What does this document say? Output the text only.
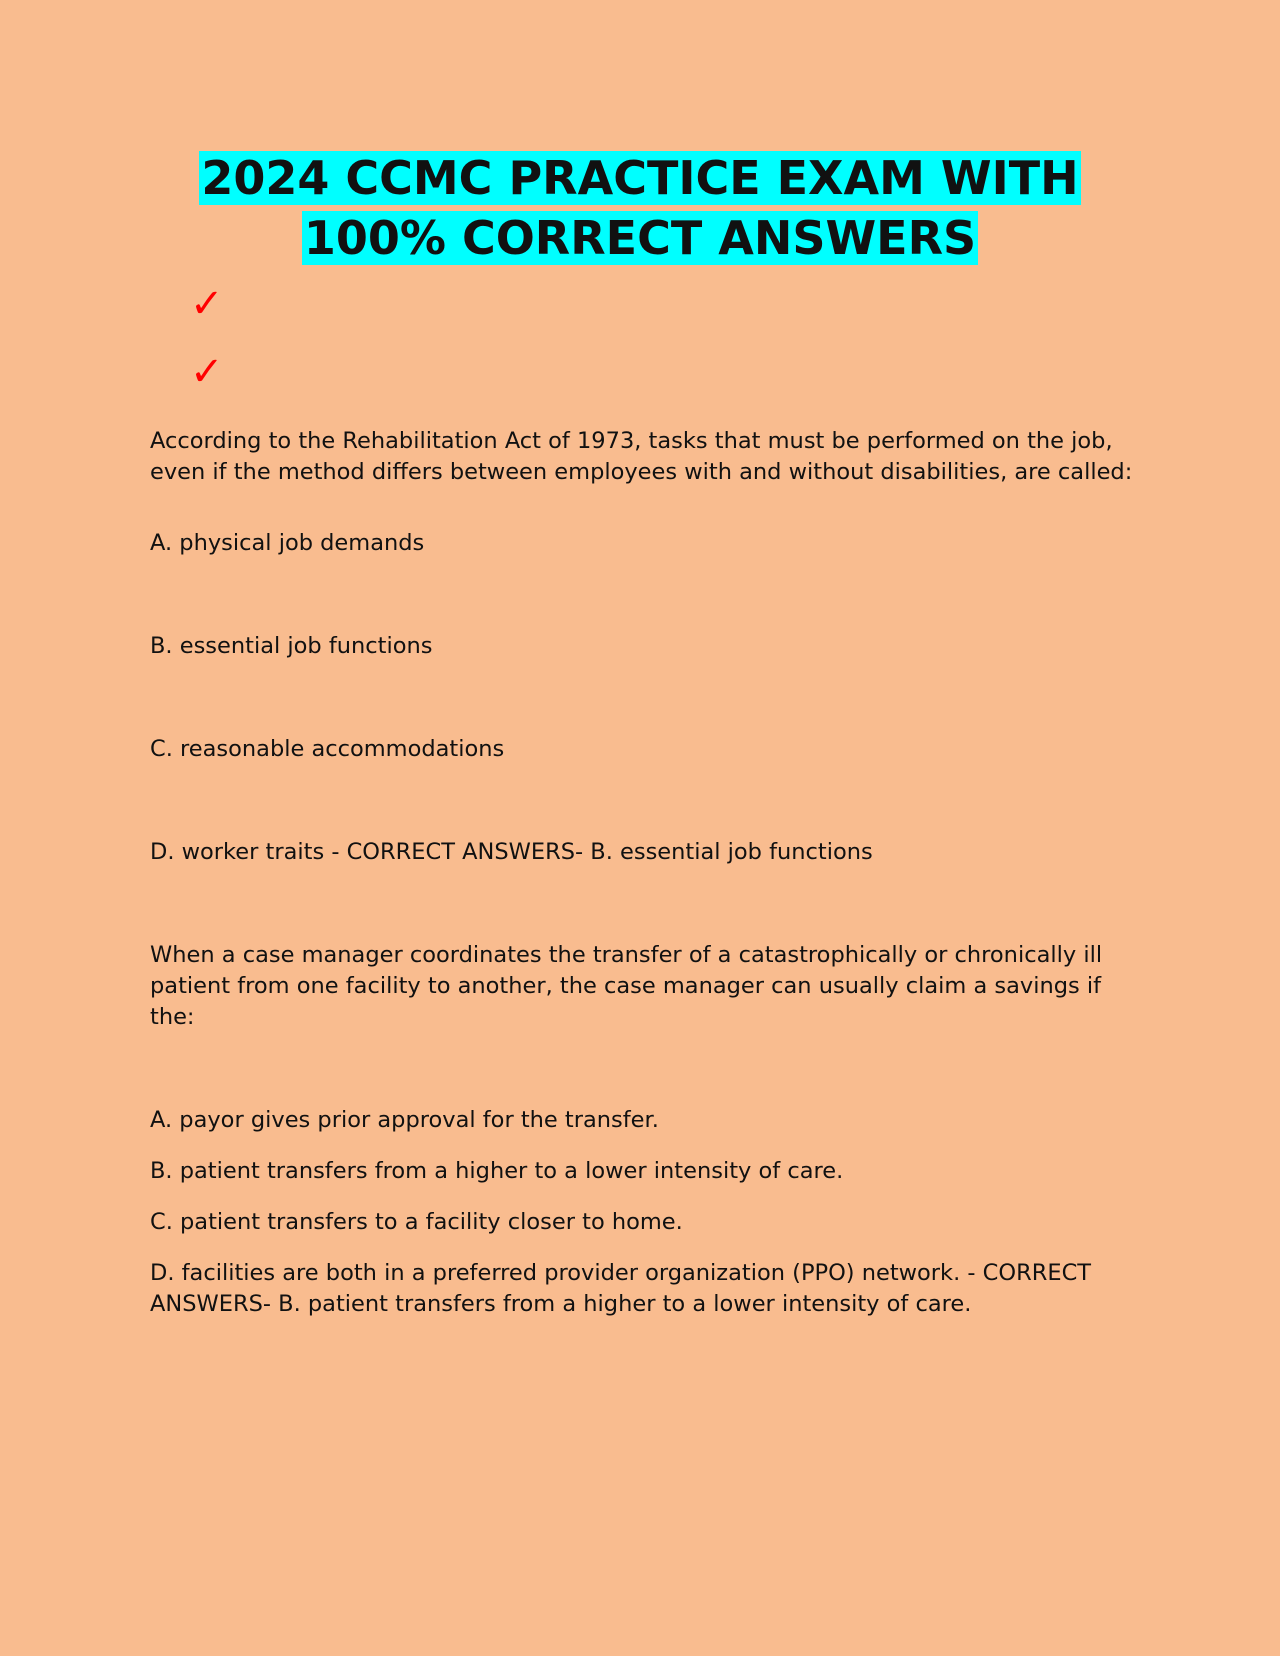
2024 CCMC PRACTICE EXAM WITH
100% CORRECT ANSWERS
✓
✓

According to the Rehabilitation Act of 1973, tasks that must be performed on the job, even if the method differs between employees with and without disabilities, are called:

A. physical job demands

B. essential job functions

C. reasonable accommodations

D. worker traits - CORRECT ANSWERS- B. essential job functions

When a case manager coordinates the transfer of a catastrophically or chronically ill patient from one facility to another, the case manager can usually claim a savings if the:

A. payor gives prior approval for the transfer.

B. patient transfers from a higher to a lower intensity of care.

C. patient transfers to a facility closer to home.

D. facilities are both in a preferred provider organization (PPO) network. - CORRECT ANSWERS- B. patient transfers from a higher to a lower intensity of care.
